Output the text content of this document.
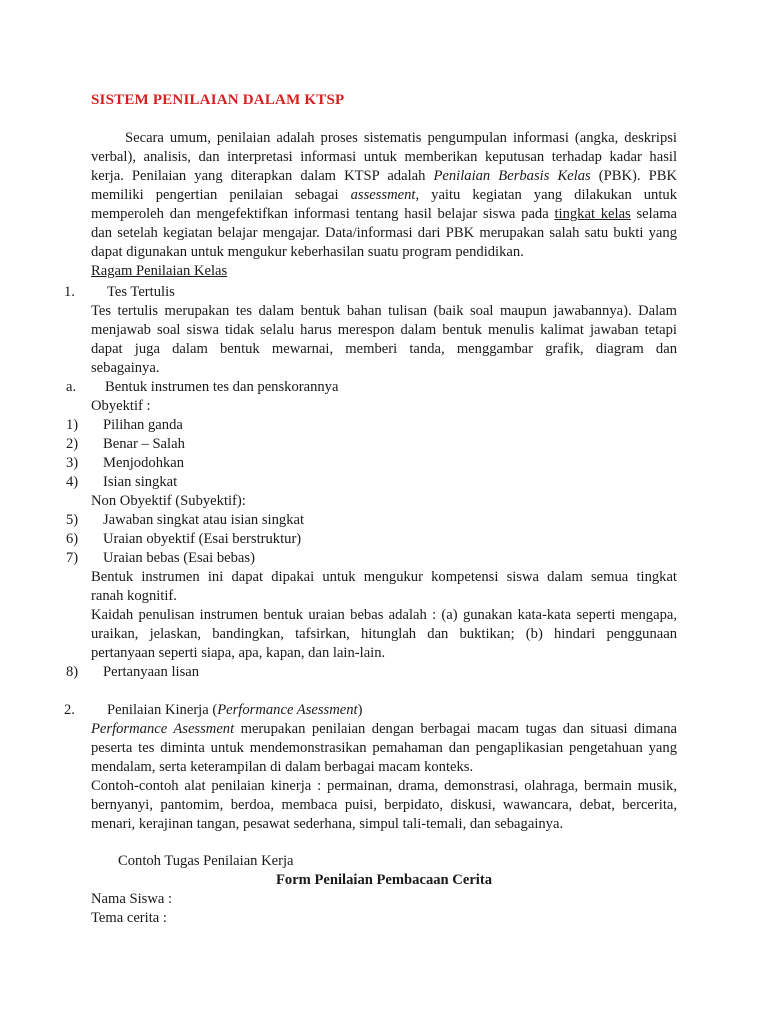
SISTEM PENILAIAN DALAM KTSP
Secara umum, penilaian adalah proses sistematis pengumpulan informasi (angka, deskripsi
verbal), analisis, dan interpretasi informasi untuk memberikan keputusan terhadap kadar hasil
kerja. Penilaian yang diterapkan dalam KTSP adalah Penilaian Berbasis Kelas (PBK). PBK
memiliki pengertian penilaian sebagai assessment, yaitu kegiatan yang dilakukan untuk
memperoleh dan mengefektifkan informasi tentang hasil belajar siswa pada tingkat kelas selama
dan setelah kegiatan belajar mengajar. Data/informasi dari PBK merupakan salah satu bukti yang
dapat digunakan untuk mengukur keberhasilan suatu program pendidikan.
Ragam Penilaian Kelas
1. Tes Tertulis
Tes tertulis merupakan tes dalam bentuk bahan tulisan (baik soal maupun jawabannya). Dalam
menjawab soal siswa tidak selalu harus merespon dalam bentuk menulis kalimat jawaban tetapi
dapat juga dalam bentuk mewarnai, memberi tanda, menggambar grafik, diagram dan
sebagainya.
a. Bentuk instrumen tes dan penskorannya
Obyektif :
1) Pilihan ganda
2) Benar – Salah
3) Menjodohkan
4) Isian singkat
Non Obyektif (Subyektif):
5) Jawaban singkat atau isian singkat
6) Uraian obyektif (Esai berstruktur)
7) Uraian bebas (Esai bebas)
Bentuk instrumen ini dapat dipakai untuk mengukur kompetensi siswa dalam semua tingkat
ranah kognitif.
Kaidah penulisan instrumen bentuk uraian bebas adalah : (a) gunakan kata-kata seperti mengapa,
uraikan, jelaskan, bandingkan, tafsirkan, hitunglah dan buktikan; (b) hindari penggunaan
pertanyaan seperti siapa, apa, kapan, dan lain-lain.
8) Pertanyaan lisan
2. Penilaian Kinerja (Performance Asessment)
Performance Asessment merupakan penilaian dengan berbagai macam tugas dan situasi dimana
peserta tes diminta untuk mendemonstrasikan pemahaman dan pengaplikasian pengetahuan yang
mendalam, serta keterampilan di dalam berbagai macam konteks.
Contoh-contoh alat penilaian kinerja : permainan, drama, demonstrasi, olahraga, bermain musik,
bernyanyi, pantomim, berdoa, membaca puisi, berpidato, diskusi, wawancara, debat, bercerita,
menari, kerajinan tangan, pesawat sederhana, simpul tali-temali, dan sebagainya.
Contoh Tugas Penilaian Kerja
Form Penilaian Pembacaan Cerita
Nama Siswa :
Tema cerita :
